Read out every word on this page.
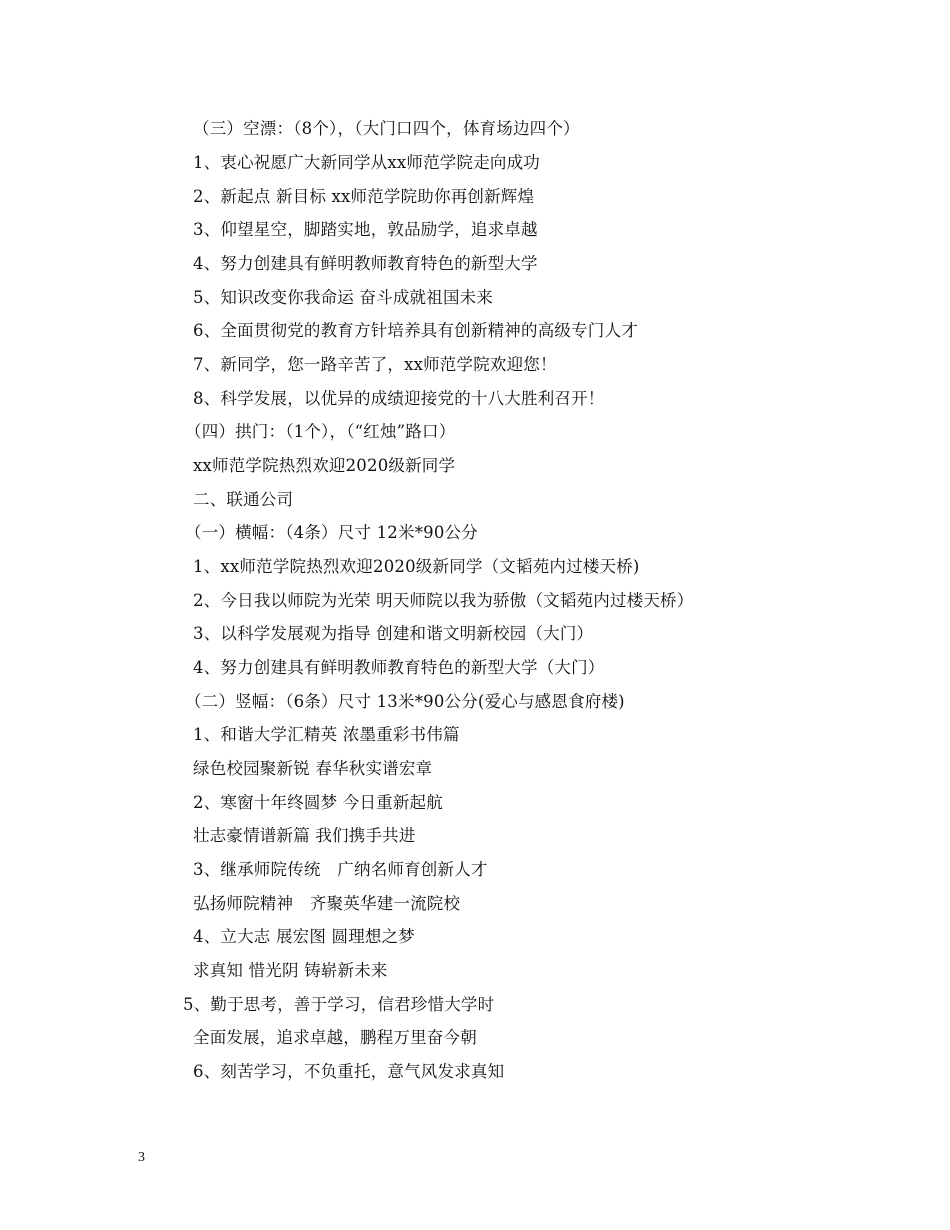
（三）空漂：（8个），（大门口四个，体育场边四个）
1、衷心祝愿广大新同学从xx师范学院走向成功
2、新起点 新目标 xx师范学院助你再创新辉煌
3、仰望星空，脚踏实地，敦品励学，追求卓越
4、努力创建具有鲜明教师教育特色的新型大学
5、知识改变你我命运 奋斗成就祖国未来
6、全面贯彻党的教育方针培养具有创新精神的高级专门人才
7、新同学，您一路辛苦了，xx师范学院欢迎您！
8、科学发展，以优异的成绩迎接党的十八大胜利召开！
（四）拱门：（1个），（“红烛”路口）
xx师范学院热烈欢迎2020级新同学
二、联通公司
（一）横幅：（4条）尺寸 12米*90公分
1、xx师范学院热烈欢迎2020级新同学（文韬苑内过楼天桥)
2、今日我以师院为光荣 明天师院以我为骄傲（文韬苑内过楼天桥）
3、以科学发展观为指导 创建和谐文明新校园（大门）
4、努力创建具有鲜明教师教育特色的新型大学（大门）
（二）竖幅：（6条）尺寸 13米*90公分(爱心与感恩食府楼)
1、和谐大学汇精英 浓墨重彩书伟篇
绿色校园聚新锐 春华秋实谱宏章
2、寒窗十年终圆梦 今日重新起航
壮志豪情谱新篇 我们携手共进
3、继承师院传统　广纳名师育创新人才
弘扬师院精神　齐聚英华建一流院校
4、立大志 展宏图 圆理想之梦
求真知 惜光阴 铸崭新未来
5、勤于思考，善于学习，信君珍惜大学时
全面发展，追求卓越，鹏程万里奋今朝
6、刻苦学习，不负重托，意气风发求真知
3
